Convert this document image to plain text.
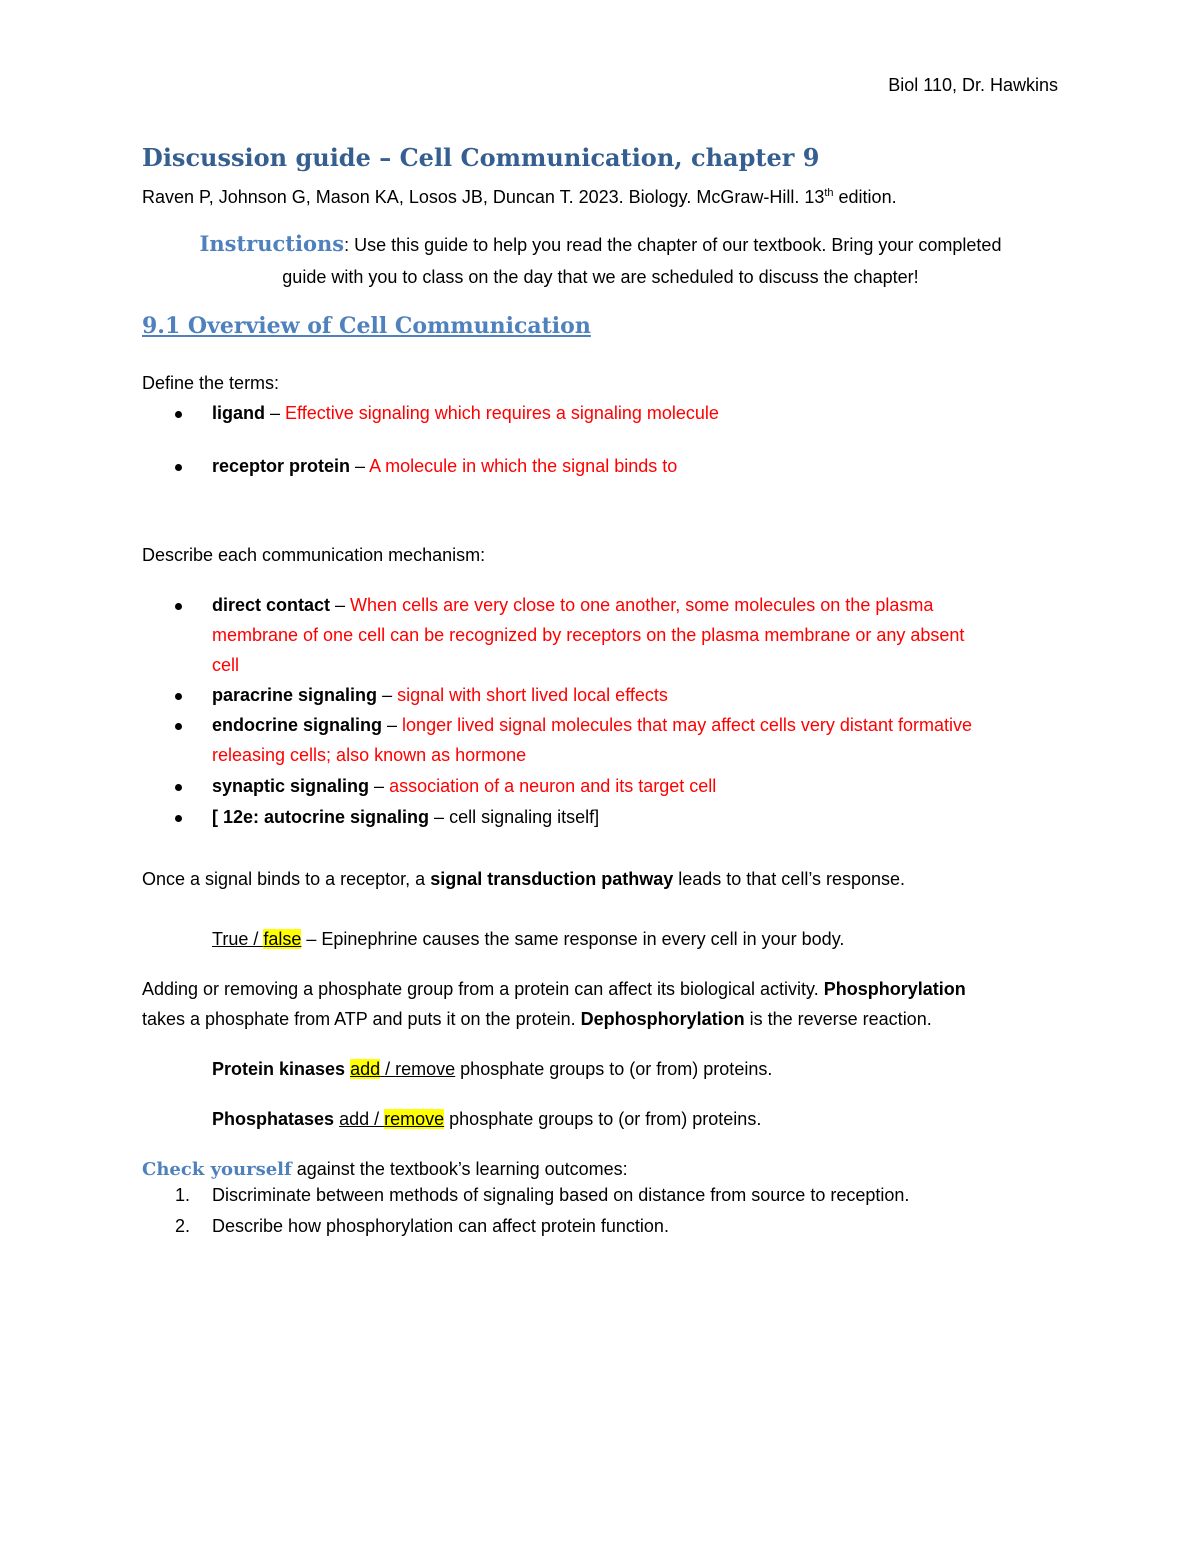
Biol 110, Dr. Hawkins
Discussion guide – Cell Communication, chapter 9
Raven P, Johnson G, Mason KA, Losos JB, Duncan T. 2023. Biology. McGraw-Hill. 13th edition.
Instructions: Use this guide to help you read the chapter of our textbook. Bring your completed
guide with you to class on the day that we are scheduled to discuss the chapter!
9.1 Overview of Cell Communication
Define the terms:
ligand – Effective signaling which requires a signaling molecule
receptor protein – A molecule in which the signal binds to
Describe each communication mechanism:
direct contact – When cells are very close to one another, some molecules on the plasma
membrane of one cell can be recognized by receptors on the plasma membrane or any absent
cell
paracrine signaling – signal with short lived local effects
endocrine signaling – longer lived signal molecules that may affect cells very distant formative
releasing cells; also known as hormone
synaptic signaling – association of a neuron and its target cell
[ 12e: autocrine signaling – cell signaling itself]
Once a signal binds to a receptor, a signal transduction pathway leads to that cell’s response.
True / false – Epinephrine causes the same response in every cell in your body.
Adding or removing a phosphate group from a protein can affect its biological activity. Phosphorylation
takes a phosphate from ATP and puts it on the protein. Dephosphorylation is the reverse reaction.
Protein kinases add / remove phosphate groups to (or from) proteins.
Phosphatases add / remove phosphate groups to (or from) proteins.
Check yourself against the textbook’s learning outcomes:
1. Discriminate between methods of signaling based on distance from source to reception.
2. Describe how phosphorylation can affect protein function.
